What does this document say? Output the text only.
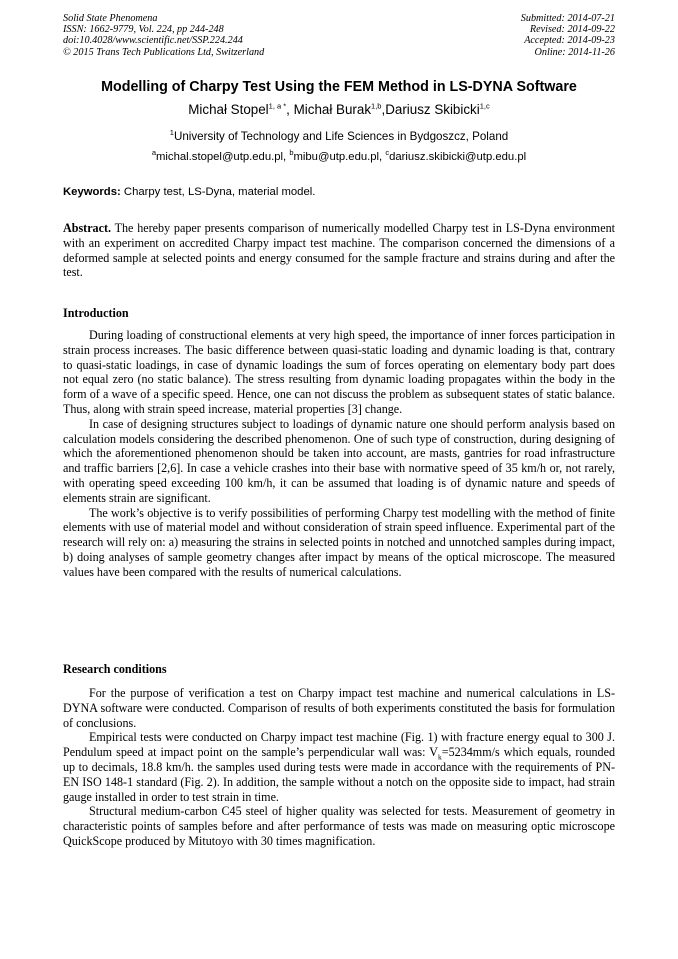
Solid State Phenomena
ISSN: 1662-9779, Vol. 224, pp 244-248
doi:10.4028/www.scientific.net/SSP.224.244
© 2015 Trans Tech Publications Ltd, Switzerland
Submitted: 2014-07-21
Revised: 2014-09-22
Accepted: 2014-09-23
Online: 2014-11-26
Modelling of Charpy Test Using the FEM Method in LS-DYNA Software
Michał Stopel$^{1, a *}$, Michał Burak$^{1,b}$,Dariusz Skibicki$^{1,c}$
$^1$University of Technology and Life Sciences in Bydgoszcz, Poland
$^a$michal.stopel@utp.edu.pl, $^b$mibu@utp.edu.pl, $^c$dariusz.skibicki@utp.edu.pl
Keywords: Charpy test, LS-Dyna, material model.

Abstract. The hereby paper presents comparison of numerically modelled Charpy test in LS-Dyna environment with an experiment on accredited Charpy impact test machine. The comparison concerned the dimensions of a deformed sample at selected points and energy consumed for the sample fracture and strains during and after the test.

Introduction

During loading of constructional elements at very high speed, the importance of inner forces participation in strain process increases. The basic difference between quasi-static loading and dynamic loading is that, contrary to quasi-static loadings, in case of dynamic loadings the sum of forces operating on elementary body part does not equal zero (no static balance). The stress resulting from dynamic loading propagates within the body in the form of a wave of a specific speed. Hence, one can not discuss the problem as subsequent states of static balance. Thus, along with strain speed increase, material properties [3] change.

In case of designing structures subject to loadings of dynamic nature one should perform analysis based on calculation models considering the described phenomenon. One of such type of construction, during designing of which the aforementioned phenomenon should be taken into account, are masts, gantries for road infrastructure and traffic barriers [2,6]. In case a vehicle crashes into their base with normative speed of 35 km/h or, not rarely, with operating speed exceeding 100 km/h, it can be assumed that loading is of dynamic nature and speeds of elements strain are significant.

The work’s objective is to verify possibilities of performing Charpy test modelling with the method of finite elements with use of material model and without consideration of strain speed influence. Experimental part of the research will rely on: a) measuring the strains in selected points in notched and unnotched samples during impact, b) doing analyses of sample geometry changes after impact by means of the optical microscope. The measured values have been compared with the results of numerical calculations.

Research conditions

For the purpose of verification a test on Charpy impact test machine and numerical calculations in LS-DYNA software were conducted. Comparison of results of both experiments constituted the basis for formulation of conclusions.

Empirical tests were conducted on Charpy impact test machine (Fig. 1) with fracture energy equal to 300 J. Pendulum speed at impact point on the sample’s perpendicular wall was: $V_k=5234mm/s$ which equals, rounded up to decimals, 18.8 km/h. the samples used during tests were made in accordance with the requirements of PN-EN ISO 148-1 standard (Fig. 2). In addition, the sample without a notch on the opposite side to impact, had strain gauge installed in order to test strain in time.

Structural medium-carbon C45 steel of higher quality was selected for tests. Measurement of geometry in characteristic points of samples before and after performance of tests was made on measuring optic microscope QuickScope produced by Mitutoyo with 30 times magnification.
